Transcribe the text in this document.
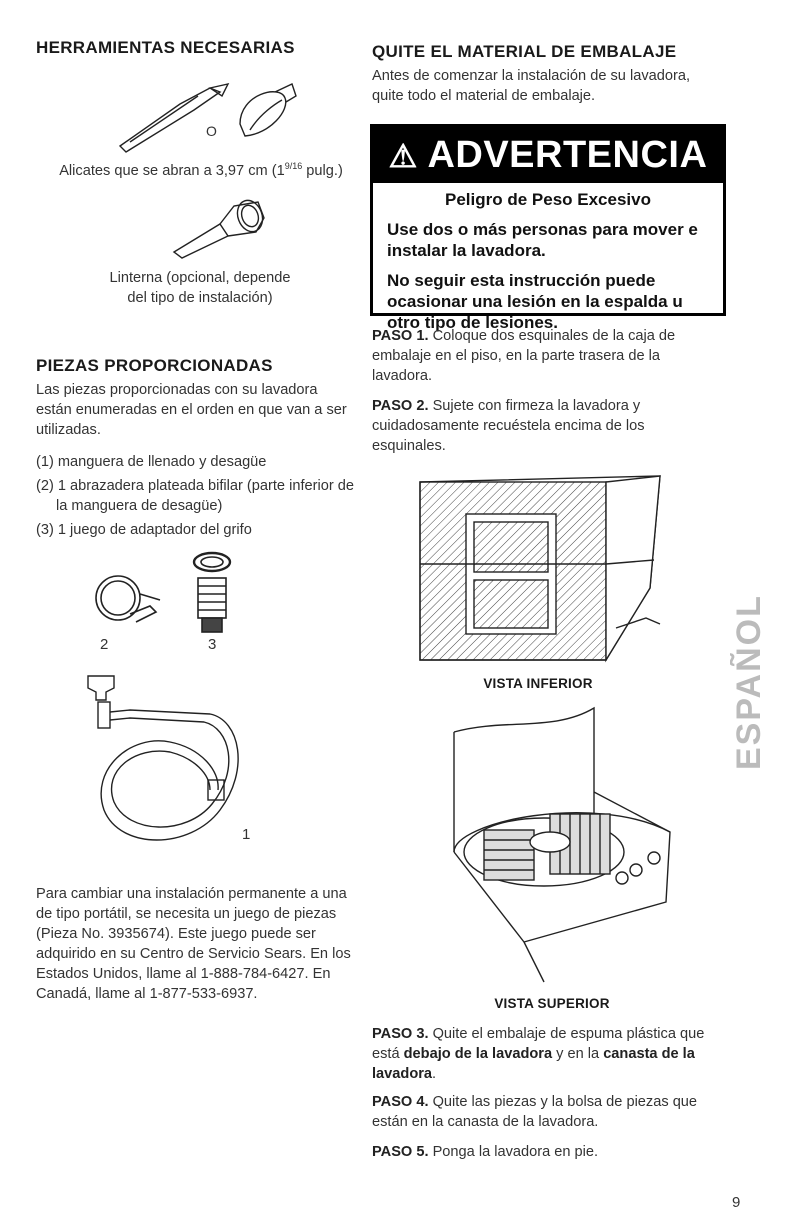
HERRAMIENTAS NECESARIAS
O
Alicates que se abran a 3,97 cm ($1^{9/16}$ pulg.)
Linterna (opcional, depende
del tipo de instalación)
PIEZAS PROPORCIONADAS
Las piezas proporcionadas con su lavadora están enumeradas en el orden en que van a ser utilizadas.
(1) manguera de llenado y desagüe
(2) 1 abrazadera plateada bifilar (parte inferior de la manguera de desagüe)
(3) 1 juego de adaptador del grifo
2	3
1
Para cambiar una instalación permanente a una de tipo portátil, se necesita un juego de piezas (Pieza No. 3935674). Este juego puede ser adquirido en su Centro de Servicio Sears. En los Estados Unidos, llame al 1-888-784-6427. En Canadá, llame al 1-877-533-6937.
QUITE EL MATERIAL DE EMBALAJE
Antes de comenzar la instalación de su lavadora, quite todo el material de embalaje.
⚠ ADVERTENCIA

Peligro de Peso Excesivo

Use dos o más personas para mover e instalar la lavadora.

No seguir esta instrucción puede ocasionar una lesión en la espalda u otro tipo de lesiones.

PASO 1. Coloque dos esquinales de la caja de embalaje en el piso, en la parte trasera de la lavadora.
PASO 2. Sujete con firmeza la lavadora y cuidadosamente recuéstela encima de los esquinales.
VISTA INFERIOR
VISTA SUPERIOR
PASO 3. Quite el embalaje de espuma plástica que está debajo de la lavadora y en la canasta de la lavadora.
PASO 4. Quite las piezas y la bolsa de piezas que están en la canasta de la lavadora.
PASO 5. Ponga la lavadora en pie.
ESPAÑOL
9
